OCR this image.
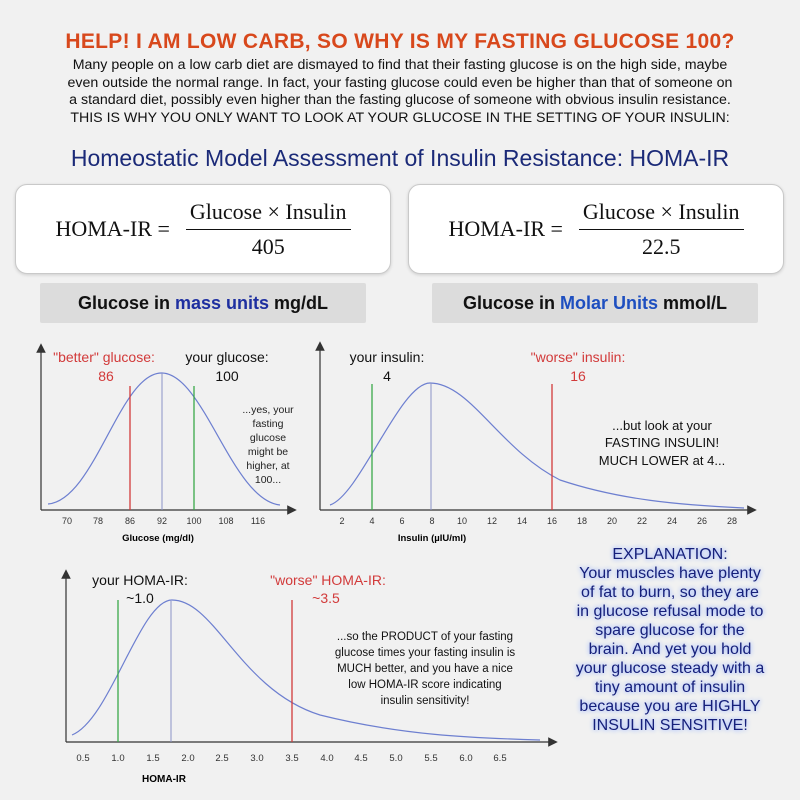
HELP! I AM LOW CARB, SO WHY IS MY FASTING GLUCOSE 100?
Many people on a low carb diet are dismayed to find that their fasting glucose is on the high side, maybe
even outside the normal range. In fact, your fasting glucose could even be higher than that of someone on
a standard diet, possibly even higher than the fasting glucose of someone with obvious insulin resistance.
THIS IS WHY YOU ONLY WANT TO LOOK AT YOUR GLUCOSE IN THE SETTING OF YOUR INSULIN:
Homeostatic Model Assessment of Insulin Resistance: HOMA-IR
HOMA-IR = $\frac{\text{Glucose × Insulin}}{405}$	HOMA-IR = $\frac{\text{Glucose × Insulin}}{22.5}$
Glucose in mass units mg/dL	Glucose in Molar Units mmol/L
70 78 86 92 100 108 116
Glucose (mg/dl)
"better" glucose:
86
your glucose:
100
...yes, your
fasting
glucose
might be
higher, at
100...
2	4	6	8 10 12 14 16 18 20 22 24 26 28
Insulin (µIU/ml)
your insulin:
4
"worse" insulin:
16
...but look at your
FASTING INSULIN!
MUCH LOWER at 4...
0.5 1.0 1.5 2.0 2.5 3.0 3.5 4.0 4.5 5.0 5.5 6.0 6.5
HOMA-IR
your HOMA-IR:
~1.0
"worse" HOMA-IR:
~3.5
...so the PRODUCT of your fasting
glucose times your fasting insulin is
MUCH better, and you have a nice
low HOMA-IR score indicating
insulin sensitivity!
EXPLANATION:
Your muscles have plenty
of fat to burn, so they are
in glucose refusal mode to
spare glucose for the
brain. And yet you hold
your glucose steady with a
tiny amount of insulin
because you are HIGHLY
INSULIN SENSITIVE!
